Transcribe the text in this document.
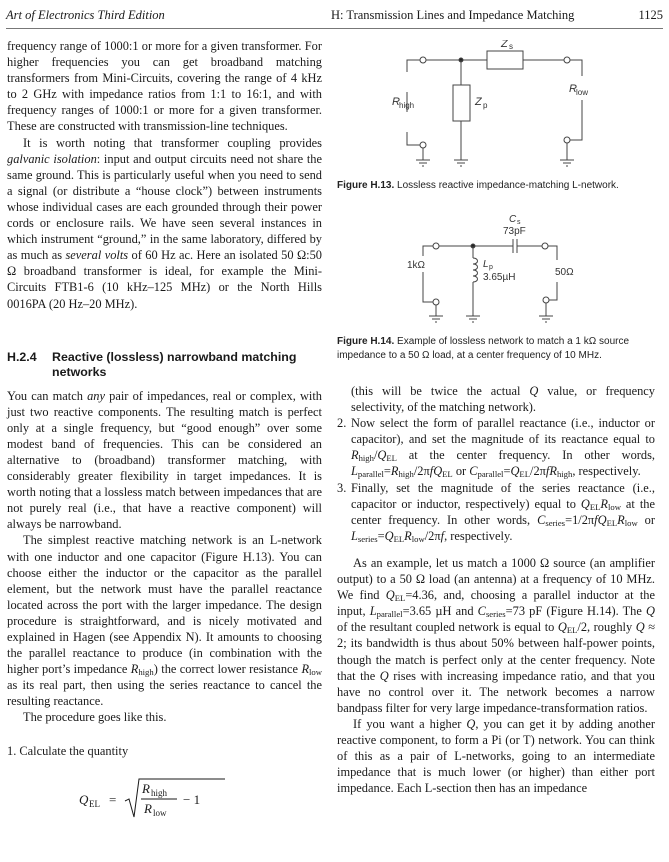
Art of Electronics Third Edition	H: Transmission Lines and Impedance Matching	1125

frequency range of 1000:1 or more for a given transformer. For higher frequencies you can get broadband matching transformers from Mini-Circuits, covering the range of 4 kHz to 2 GHz with impedance ratios from 1:1 to 16:1, and with frequency ranges of 1000:1 or more for a given transformer. These are constructed with transmission-line techniques.

It is worth noting that transformer coupling provides galvanic isolation: input and output circuits need not share the same ground. This is particularly useful when you need to send a signal (or distribute a “house clock”) between instruments whose individual cases are each grounded through their power cords or enclosure rails. We have seen several instances in which instrument “ground,” in the same laboratory, differed by as much as several volts of 60 Hz ac. Here an isolated 50 Ω:50 Ω broadband transformer is ideal, for example the Mini-Circuits FTB1-6 (10 kHz–125 MHz) or the North Hills 0016PA (20 Hz–20 MHz).

H.2.4 Reactive (lossless) narrowband matching networks

You can match any pair of impedances, real or complex, with just two reactive components. The resulting match is perfect only at a single frequency, but “good enough” over some modest band of frequencies. This can be considered an alternative to (broadband) transformer matching, with considerably greater flexibility in target impedances. It is worth noting that a lossless match between impedances that are not purely real (i.e., that have a reactive component) will always be narrowband.

The simplest reactive matching network is an L-network with one inductor and one capacitor (Figure H.13). You can choose either the inductor or the capacitor as the parallel element, but the network must have the parallel reactance located across the port with the larger impedance. The design procedure is straightforward, and is nicely motivated and explained in Hagen (see Appendix N). It amounts to choosing the parallel reactance to produce (in combination with the higher port’s impedance $R_{high}$) the correct lower resistance $R_{low}$ as its real part, then using the series reactance to cancel the resulting reactance.

The procedure goes like this.

1. Calculate the quantity

Q EL =
R high
R low
− 1
Z s
Z p
R high
R low
Figure H.13. Lossless reactive impedance-matching L-network.
C s
73pF
L p
3.65µH
1kΩ
50Ω
Figure H.14. Example of lossless network to match a 1 kΩ source impedance to a 50 Ω load, at a center frequency of 10 MHz.

(this will be twice the actual Q value, or frequency selectivity, of the matching network).

2. Now select the form of parallel reactance (i.e., inductor or capacitor), and set the magnitude of its reactance equal to $R_{high}/Q_{EL}$ at the center frequency. In other words, $L_{parallel}=R_{high}/2\pi fQ_{EL}$ or $C_{parallel}=Q_{EL}/2\pi fR_{high}$, respectively.
3. Finally, set the magnitude of the series reactance (i.e., capacitor or inductor, respectively) equal to $Q_{EL}R_{low}$ at the center frequency. In other words, $C_{series}=1/2\pi fQ_{EL}R_{low}$ or $L_{series}=Q_{EL}R_{low}/2\pi f$, respectively.

As an example, let us match a 1000 Ω source (an amplifier output) to a 50 Ω load (an antenna) at a frequency of 10 MHz. We find $Q_{EL}=4.36$, and, choosing a parallel inductor at the input, $L_{parallel}=3.65$ µH and $C_{series}=73$ pF (Figure H.14). The Q of the resultant coupled network is equal to $Q_{EL}/2$, roughly Q ≈ 2; its bandwidth is thus about 50% between half-power points, though the match is perfect only at the center frequency. Note that the Q rises with increasing impedance ratio, and that you have no control over it. The network becomes a narrow bandpass filter for very large impedance-transformation ratios.

If you want a higher Q, you can get it by adding another reactive component, to form a Pi (or T) network. You can think of this as a pair of L-networks, going to an intermediate impedance that is much lower (or higher) than either port impedance. Each L-section then has an impedance
